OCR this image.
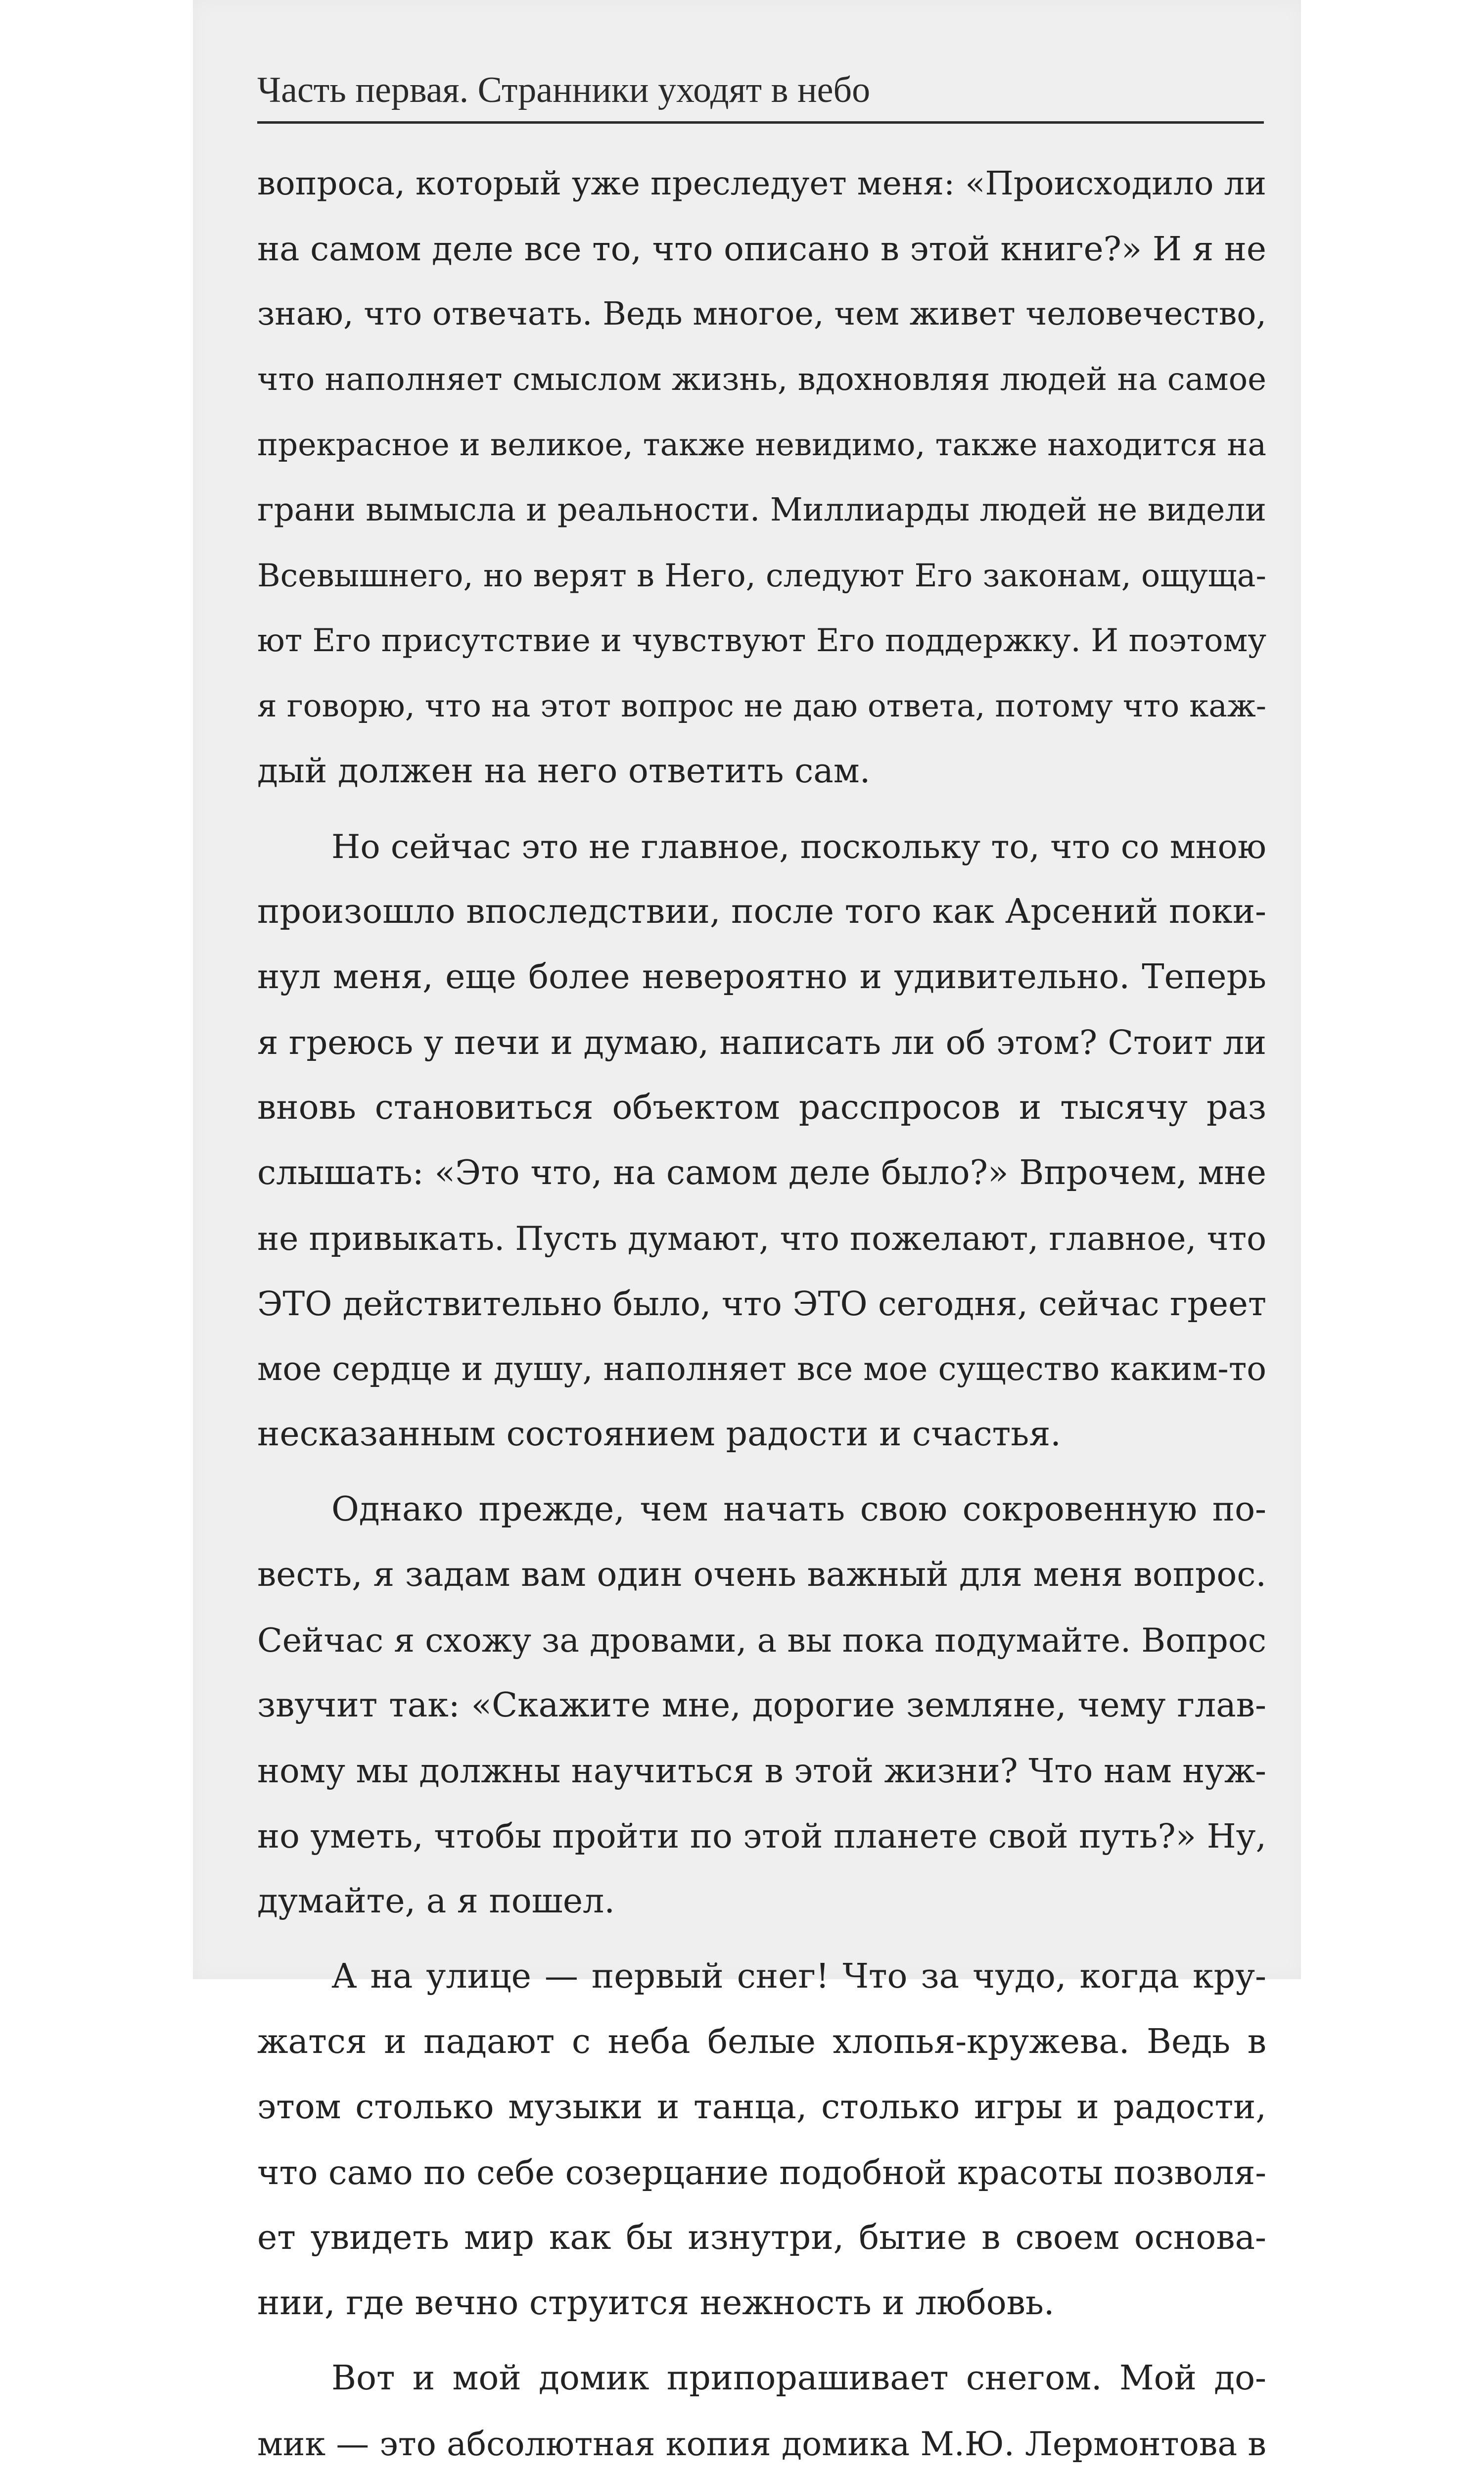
Часть первая. Странники уходят в небо
вопроса, который уже преследует меня: «Происходило ли
на самом деле все то, что описано в этой книге?» И я не
знаю, что отвечать. Ведь многое, чем живет человечество,
что наполняет смыслом жизнь, вдохновляя людей на самое
прекрасное и великое, также невидимо, также находится на
грани вымысла и реальности. Миллиарды людей не видели
Всевышнего, но верят в Него, следуют Его законам, ощуща-
ют Его присутствие и чувствуют Его поддержку. И поэтому
я говорю, что на этот вопрос не даю ответа, потому что каж-
дый должен на него ответить сам.
Но сейчас это не главное, поскольку то, что со мною
произошло впоследствии, после того как Арсений поки-
нул меня, еще более невероятно и удивительно. Теперь
я греюсь у печи и думаю, написать ли об этом? Стоит ли
вновь становиться объектом расспросов и тысячу раз
слышать: «Это что, на самом деле было?» Впрочем, мне
не привыкать. Пусть думают, что пожелают, главное, что
ЭТО действительно было, что ЭТО сегодня, сейчас греет
мое сердце и душу, наполняет все мое существо каким-то
несказанным состоянием радости и счастья.
Однако прежде, чем начать свою сокровенную по-
весть, я задам вам один очень важный для меня вопрос.
Сейчас я схожу за дровами, а вы пока подумайте. Вопрос
звучит так: «Скажите мне, дорогие земляне, чему глав-
ному мы должны научиться в этой жизни? Что нам нуж-
но уметь, чтобы пройти по этой планете свой путь?» Ну,
думайте, а я пошел.
А на улице — первый снег! Что за чудо, когда кру-
жатся и падают с неба белые хлопья-кружева. Ведь в
этом столько музыки и танца, столько игры и радости,
что само по себе созерцание подобной красоты позволя-
ет увидеть мир как бы изнутри, бытие в своем основа-
нии, где вечно струится нежность и любовь.
Вот и мой домик припорашивает снегом. Мой до-
мик — это абсолютная копия домика М.Ю. Лермонтова в
